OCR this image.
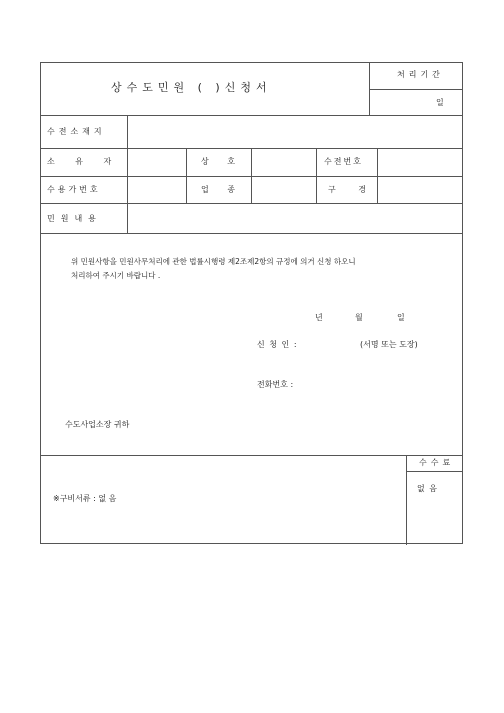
상수도민원 ( )신청서
처리기간
일
수전소재지
소 유 자	상 호	수전번호
수용가번호	업 종	구 경
민원내용
위 민원사항을 민원사무처리에 관한 법률시행령 제2조제2항의 규정에 의거 신청 하오니
처리하여 주시기 바랍니다 .
년	월	일
신 청 인 :	(서명 또는 도장)
전화번호 :
수도사업소장 귀하
※구비서류 : 없 음
수수료
없 음
